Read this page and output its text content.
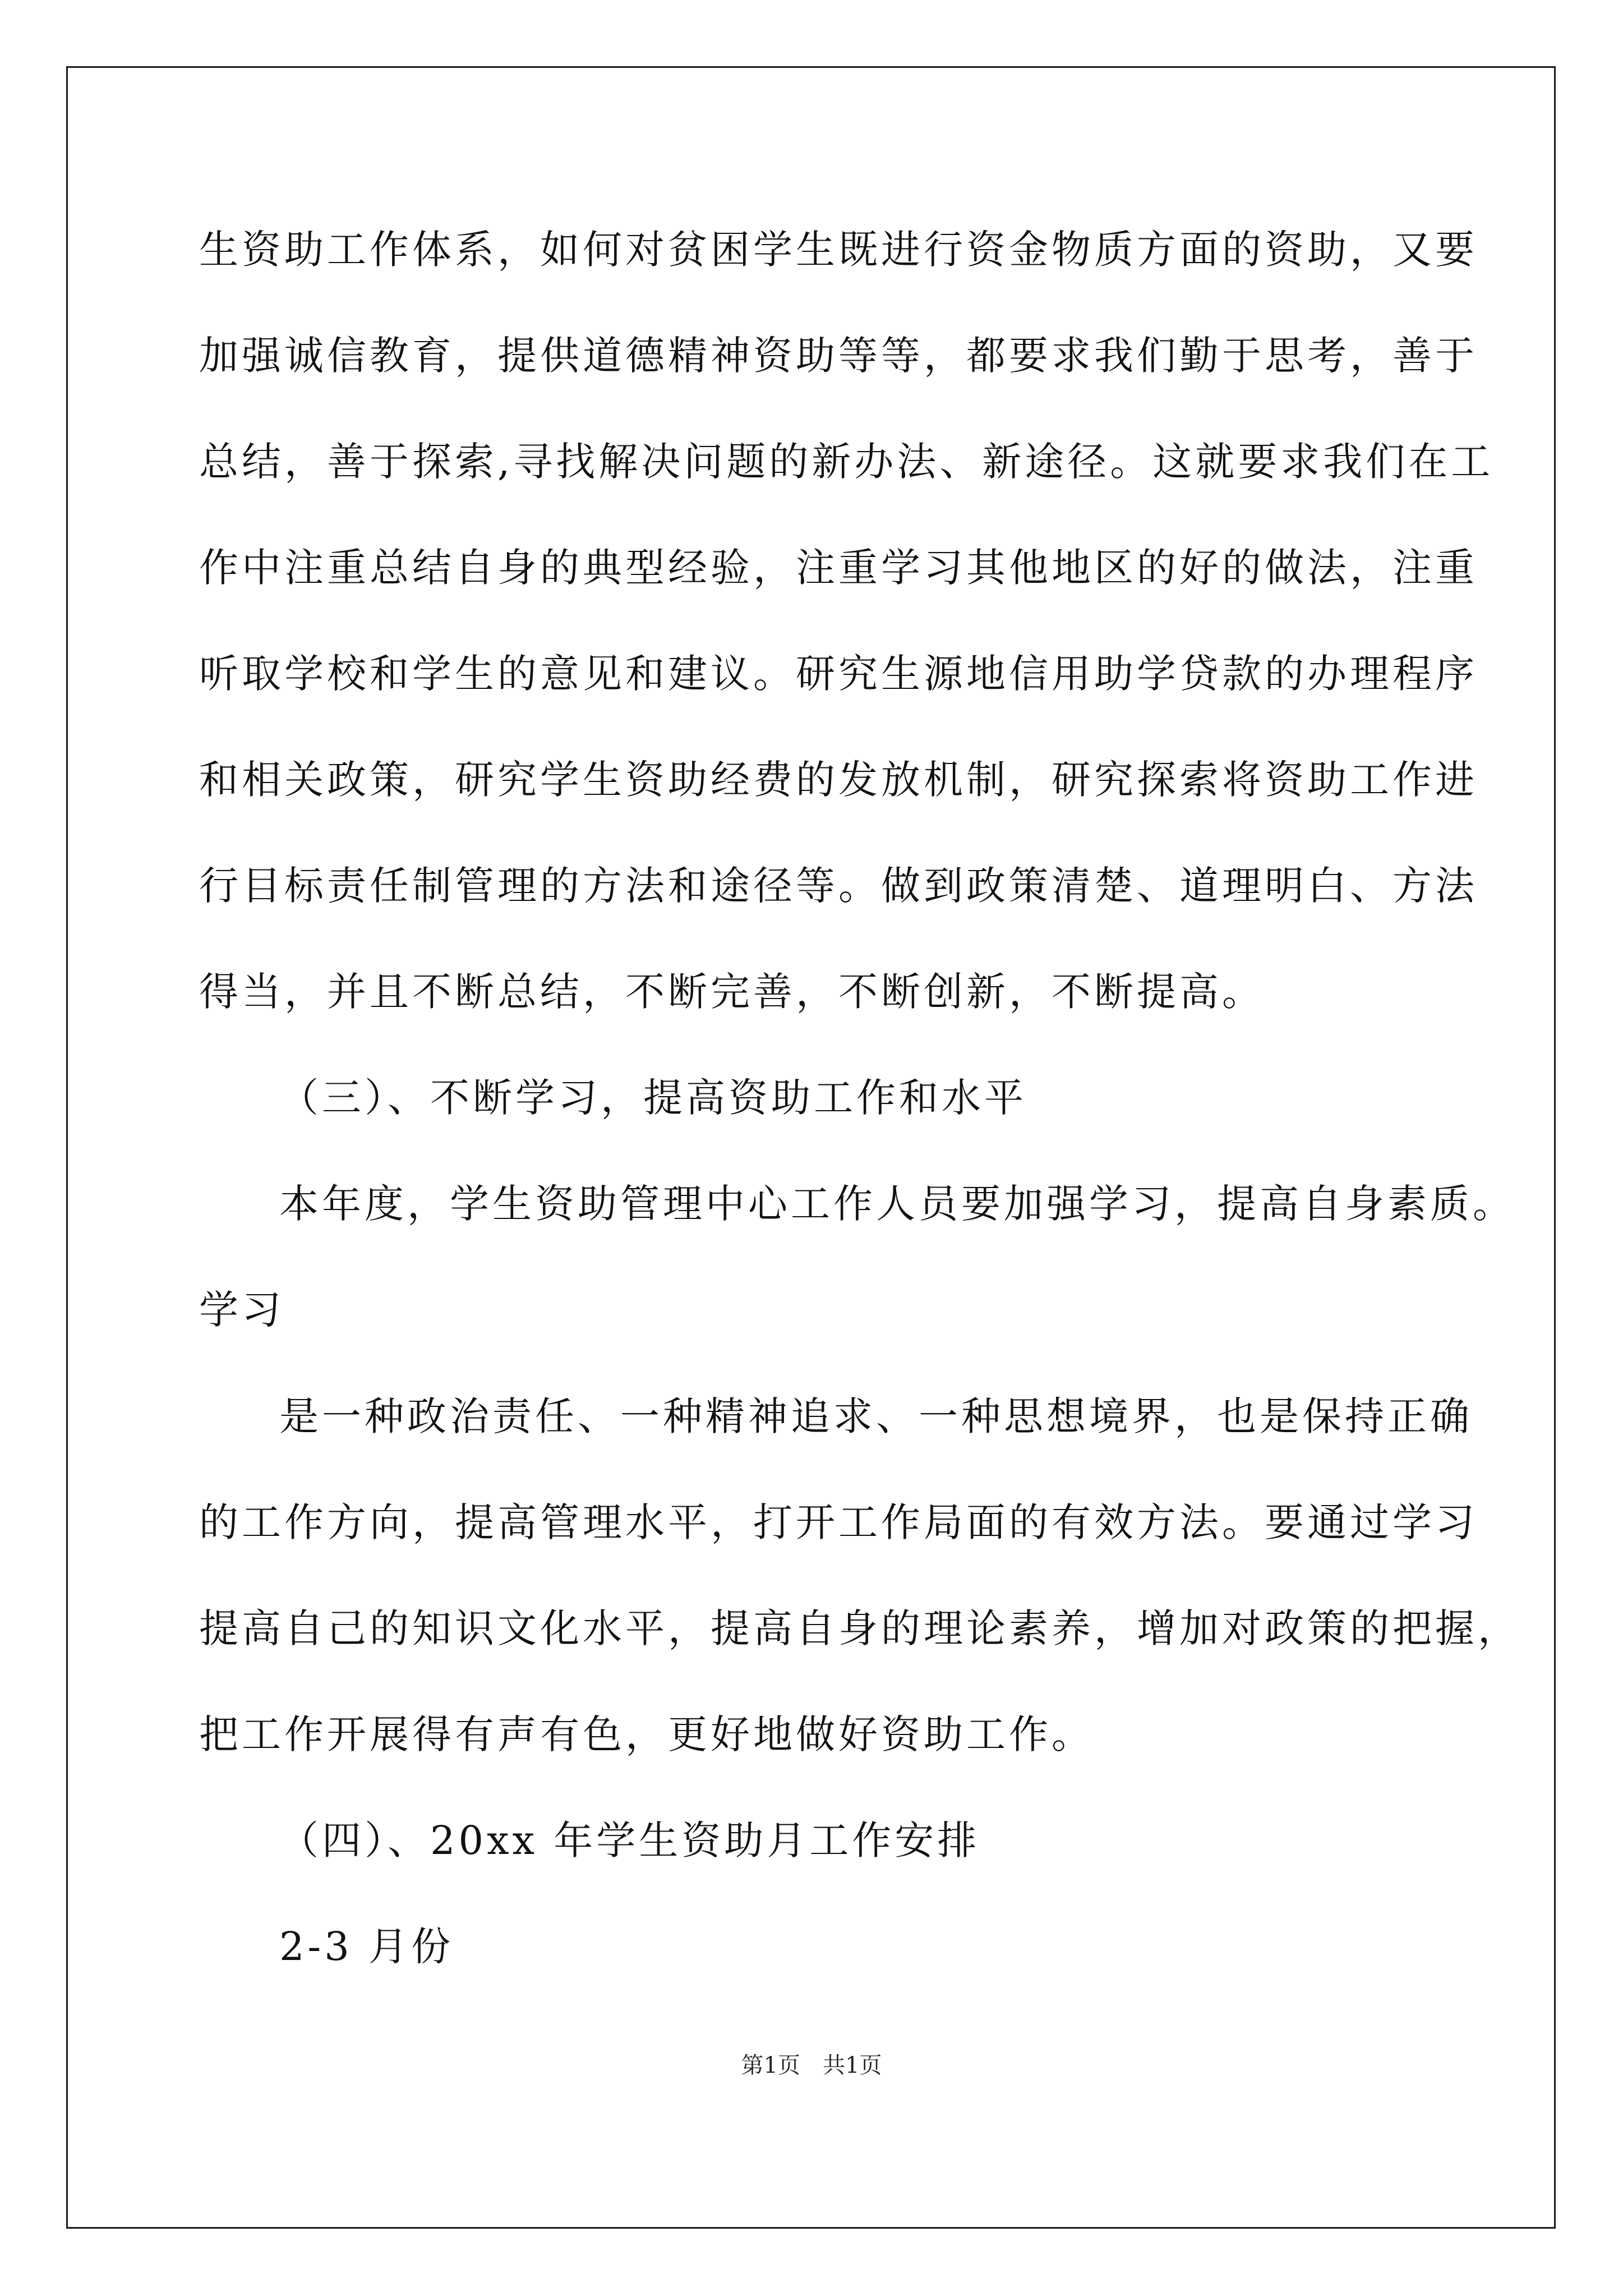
生资助工作体系，如何对贫困学生既进行资金物质方面的资助，又要
加强诚信教育，提供道德精神资助等等，都要求我们勤于思考，善于
总结，善于探索,寻找解决问题的新办法、新途径。这就要求我们在工
作中注重总结自身的典型经验，注重学习其他地区的好的做法，注重
听取学校和学生的意见和建议。研究生源地信用助学贷款的办理程序
和相关政策，研究学生资助经费的发放机制，研究探索将资助工作进
行目标责任制管理的方法和途径等。做到政策清楚、道理明白、方法
得当，并且不断总结，不断完善，不断创新，不断提高。
（三）、不断学习，提高资助工作和水平
本年度，学生资助管理中心工作人员要加强学习，提高自身素质。
学习
是一种政治责任、一种精神追求、一种思想境界，也是保持正确
的工作方向，提高管理水平，打开工作局面的有效方法。要通过学习
提高自己的知识文化水平，提高自身的理论素养，增加对政策的把握，
把工作开展得有声有色，更好地做好资助工作。
（四）、20xx 年学生资助月工作安排
2-3 月份
第1页　共1页
